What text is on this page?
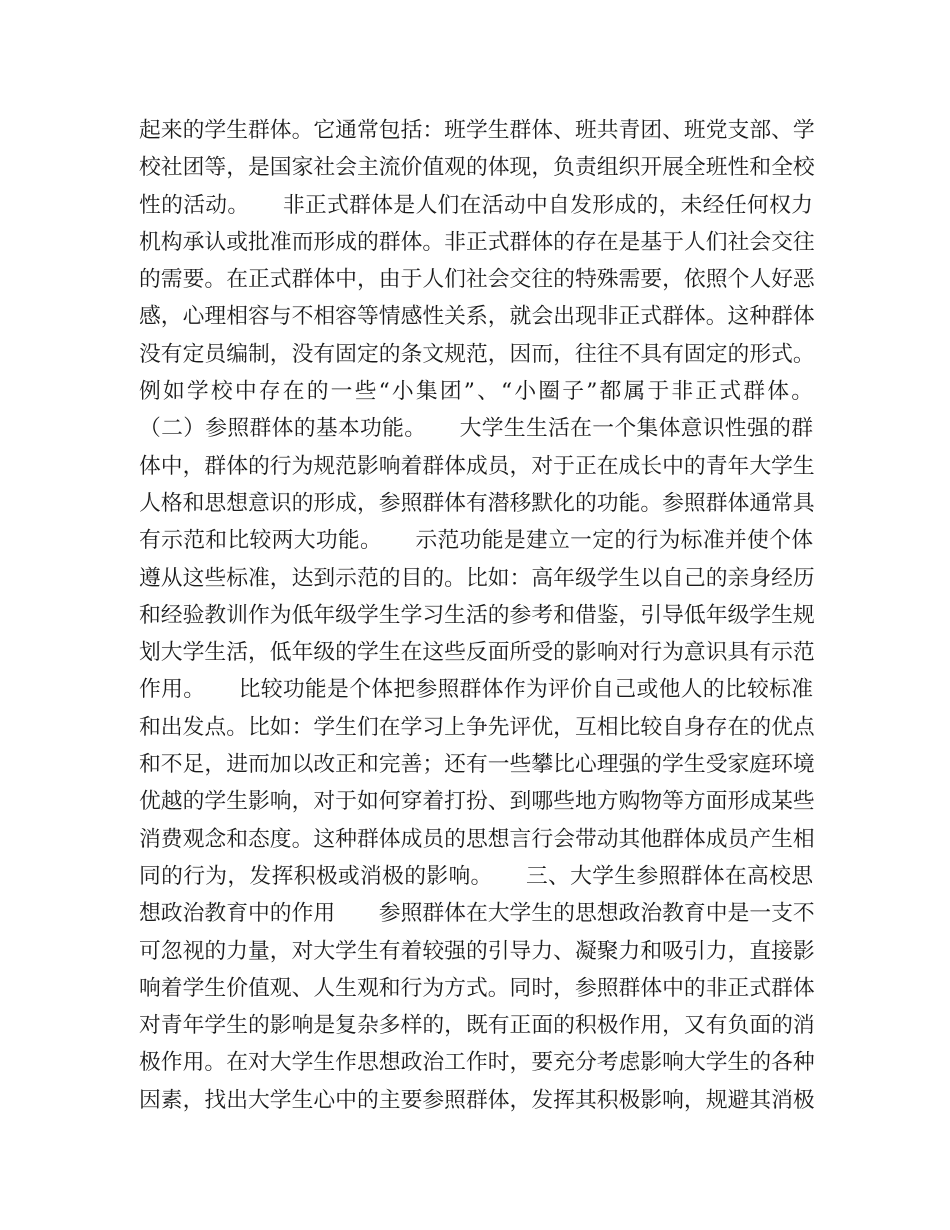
起来的学生群体。它通常包括：班学生群体、班共青团、班党支部、学
校社团等，是国家社会主流价值观的体现，负责组织开展全班性和全校
性的活动。　　非正式群体是人们在活动中自发形成的，未经任何权力
机构承认或批准而形成的群体。非正式群体的存在是基于人们社会交往
的需要。在正式群体中，由于人们社会交往的特殊需要，依照个人好恶
感，心理相容与不相容等情感性关系，就会出现非正式群体。这种群体
没有定员编制，没有固定的条文规范，因而，往往不具有固定的形式。
例如学校中存在的一些“小集团”、“小圈子”都属于非正式群体。
（二）参照群体的基本功能。　　大学生生活在一个集体意识性强的群
体中，群体的行为规范影响着群体成员，对于正在成长中的青年大学生
人格和思想意识的形成，参照群体有潜移默化的功能。参照群体通常具
有示范和比较两大功能。　　示范功能是建立一定的行为标准并使个体
遵从这些标准，达到示范的目的。比如：高年级学生以自己的亲身经历
和经验教训作为低年级学生学习生活的参考和借鉴，引导低年级学生规
划大学生活，低年级的学生在这些反面所受的影响对行为意识具有示范
作用。　　比较功能是个体把参照群体作为评价自己或他人的比较标准
和出发点。比如：学生们在学习上争先评优，互相比较自身存在的优点
和不足，进而加以改正和完善；还有一些攀比心理强的学生受家庭环境
优越的学生影响，对于如何穿着打扮、到哪些地方购物等方面形成某些
消费观念和态度。这种群体成员的思想言行会带动其他群体成员产生相
同的行为，发挥积极或消极的影响。　　三、大学生参照群体在高校思
想政治教育中的作用　　参照群体在大学生的思想政治教育中是一支不
可忽视的力量，对大学生有着较强的引导力、凝聚力和吸引力，直接影
响着学生价值观、人生观和行为方式。同时，参照群体中的非正式群体
对青年学生的影响是复杂多样的，既有正面的积极作用，又有负面的消
极作用。在对大学生作思想政治工作时，要充分考虑影响大学生的各种
因素，找出大学生心中的主要参照群体，发挥其积极影响，规避其消极
